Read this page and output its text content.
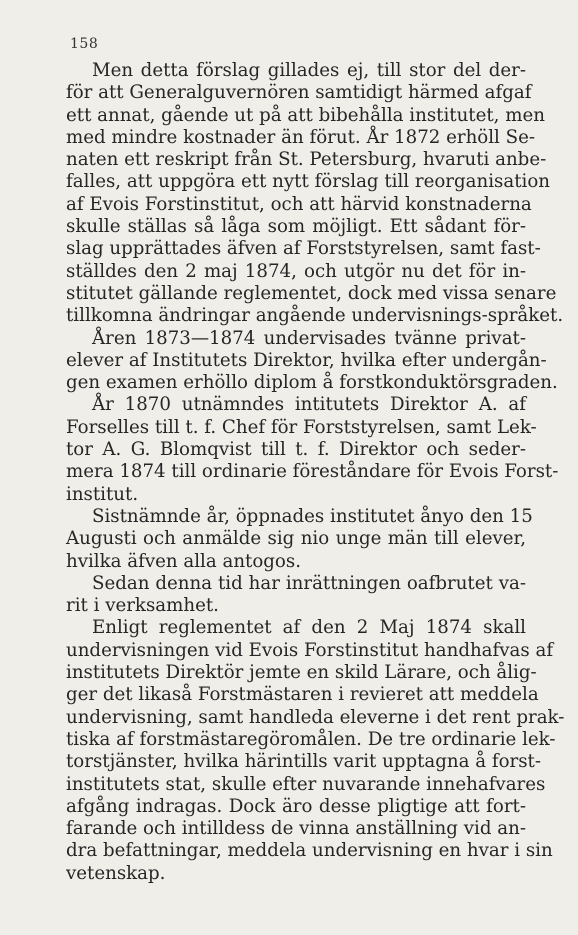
158
Men detta förslag gillades ej, till stor del der-
för att Generalguvernören samtidigt härmed afgaf
ett annat, gående ut på att bibehålla institutet, men
med mindre kostnader än förut. År 1872 erhöll Se-
naten ett reskript från St. Petersburg, hvaruti anbe-
falles, att uppgöra ett nytt förslag till reorganisation
af Evois Forstinstitut, och att härvid konstnaderna
skulle ställas så låga som möjligt. Ett sådant för-
slag upprättades äfven af Forststyrelsen, samt fast-
ställdes den 2 maj 1874, och utgör nu det för in-
stitutet gällande reglementet, dock med vissa senare
tillkomna ändringar angående undervisnings-språket.
Åren 1873—1874 undervisades tvänne privat-
elever af Institutets Direktor, hvilka efter undergån-
gen examen erhöllo diplom å forstkonduktörsgraden.
År 1870 utnämndes intitutets Direktor A. af
Forselles till t. f. Chef för Forststyrelsen, samt Lek-
tor A. G. Blomqvist till t. f. Direktor och seder-
mera 1874 till ordinarie föreståndare för Evois Forst-
institut.
Sistnämnde år, öppnades institutet ånyo den 15
Augusti och anmälde sig nio unge män till elever,
hvilka äfven alla antogos.
Sedan denna tid har inrättningen oafbrutet va-
rit i verksamhet.
Enligt reglementet af den 2 Maj 1874 skall
undervisningen vid Evois Forstinstitut handhafvas af
institutets Direktör jemte en skild Lärare, och ålig-
ger det likaså Forstmästaren i revieret att meddela
undervisning, samt handleda eleverne i det rent prak-
tiska af forstmästaregöromålen. De tre ordinarie lek-
torstjänster, hvilka härintills varit upptagna å forst-
institutets stat, skulle efter nuvarande innehafvares
afgång indragas. Dock äro desse pligtige att fort-
farande och intilldess de vinna anställning vid an-
dra befattningar, meddela undervisning en hvar i sin
vetenskap.
